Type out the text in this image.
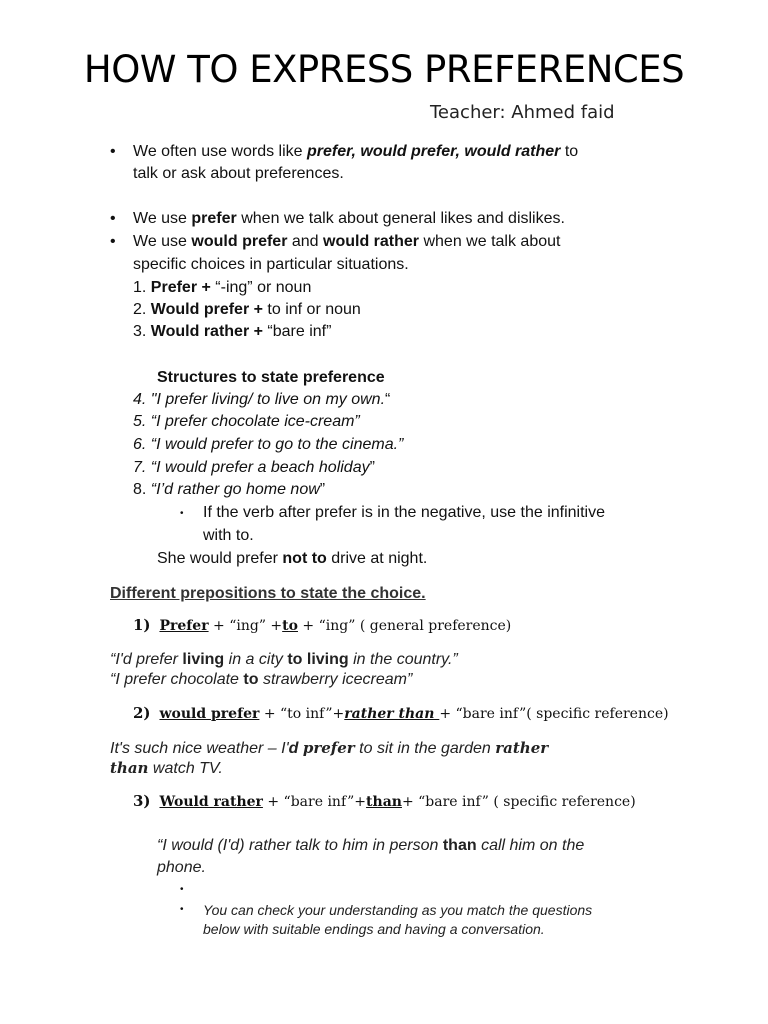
HOW TO EXPRESS PREFERENCES
Teacher: Ahmed faid
• We often use words like prefer, would prefer, would rather to
talk or ask about preferences.
• We use prefer when we talk about general likes and dislikes.
• We use would prefer and would rather when we talk about
specific choices in particular situations.
1. Prefer + “-ing” or noun
2. Would prefer + to inf or noun
3. Would rather + “bare inf”
Structures to state preference
4. "I prefer living/ to live on my own.“
5. “I prefer chocolate ice-cream”
6. “I would prefer to go to the cinema.”
7. “I would prefer a beach holiday”
8. “I’d rather go home now”
• If the verb after prefer is in the negative, use the infinitive
with to.
She would prefer not to drive at night.
Different prepositions to state the choice.
1) Prefer + “ing” +to + “ing” ( general preference)
“I'd prefer living in a city to living in the country.”
“I prefer chocolate to strawberry icecream”
2) would prefer + “to inf”+rather than + “bare inf”( specific reference)
It's such nice weather – I'd prefer to sit in the garden rather
than watch TV.
3) Would rather + “bare inf”+than+ “bare inf” ( specific reference)
“I would (I'd) rather talk to him in person than call him on the
phone.
•
• You can check your understanding as you match the questions
below with suitable endings and having a conversation.
